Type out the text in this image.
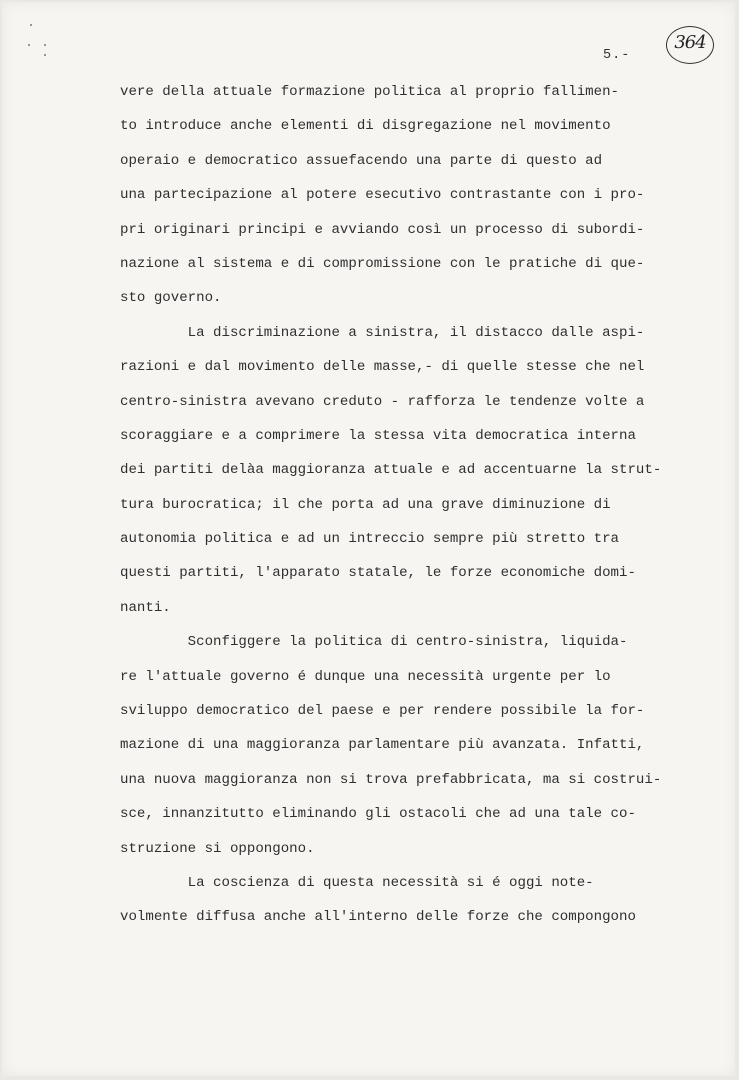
5.-
364
vere della attuale formazione politica al proprio fallimen-
to introduce anche elementi di disgregazione nel movimento
operaio e democratico assuefacendo una parte di questo ad
una partecipazione al potere esecutivo contrastante con i pro-
pri originari principi e avviando così un processo di subordi-
nazione al sistema e di compromissione con le pratiche di que-
sto governo.
La discriminazione a sinistra, il distacco dalle aspi-
razioni e dal movimento delle masse,- di quelle stesse che nel
centro-sinistra avevano creduto - rafforza le tendenze volte a
scoraggiare e a comprimere la stessa vita democratica interna
dei partiti delàa maggioranza attuale e ad accentuarne la strut-
tura burocratica; il che porta ad una grave diminuzione di
autonomia politica e ad un intreccio sempre più stretto tra
questi partiti, l'apparato statale, le forze economiche domi-
nanti.
Sconfiggere la politica di centro-sinistra, liquida-
re l'attuale governo é dunque una necessità urgente per lo
sviluppo democratico del paese e per rendere possibile la for-
mazione di una maggioranza parlamentare più avanzata. Infatti,
una nuova maggioranza non si trova prefabbricata, ma si costrui-
sce, innanzitutto eliminando gli ostacoli che ad una tale co-
struzione si oppongono.
La coscienza di questa necessità si é oggi note-
volmente diffusa anche all'interno delle forze che compongono
